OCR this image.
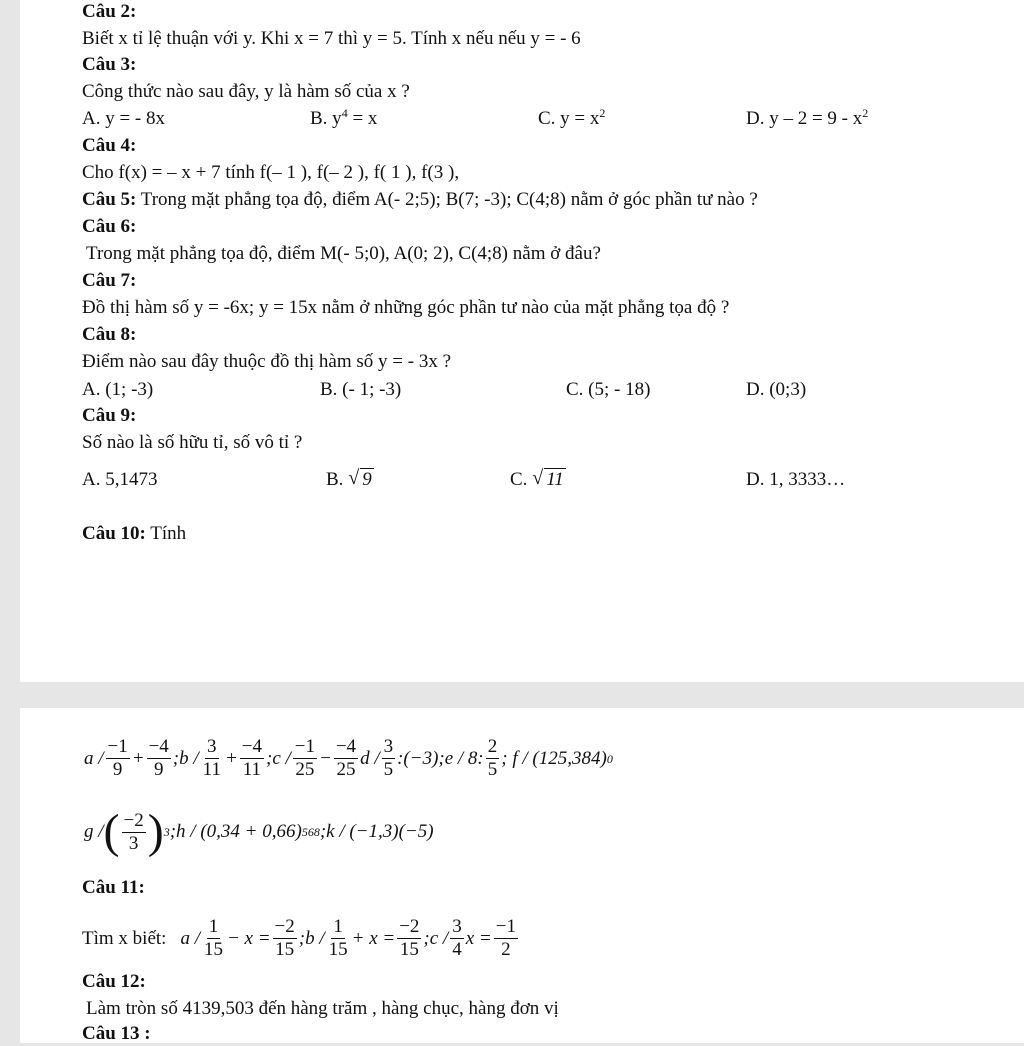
Câu 2:
Biết x tỉ lệ thuận với y. Khi x = 7 thì y = 5. Tính x nếu nếu y = - 6
Câu 3:
Công thức nào sau đây, y là hàm số của x ?
A. y = - 8x	B. $y^4 = x$	C. $y = x^2$	D. $y - 2 = 9 - x^2$
Câu 4:
Cho f(x) = – x + 7 tính f(– 1 ), f(– 2 ), f( 1 ), f(3 ),
Câu 5: Trong mặt phẳng tọa độ, điểm A(- 2;5); B(7; -3); C(4;8) nằm ở góc phần tư nào ?
Câu 6:
Trong mặt phẳng tọa độ, điểm M(- 5;0), A(0; 2), C(4;8) nằm ở đâu?
Câu 7:
Đồ thị hàm số y = -6x; y = 15x nằm ở những góc phần tư nào của mặt phẳng tọa độ ?
Câu 8:
Điểm nào sau đây thuộc đồ thị hàm số y = - 3x ?
A. (1; -3)	B. (- 1; -3)	C. (5; - 18)	D. (0;3)
Câu 9:
Số nào là số hữu tỉ, số vô tỉ ?
A. 5,1473	B. √ 9	C. √ 11	D. 1, 3333…
Câu 10: Tính
$a / \frac{-1}{9} + \frac{-4}{9}$ ;b / $\frac{3}{11} + \frac{-4}{11}$ ;c / $\frac{-1}{25} - \frac{-4}{25}$ d / $\frac{3}{5}$ :(−3);e / 8: $\frac{2}{5}$ ; f / (125,384) 0
g / ( $\frac{-2}{3}$ ) 3 ;h / (0,34 + 0,66) 568 ;k / (−1,3)(−5)
Câu 11:
Tìm x biết: $a / \frac{1}{15} - x = \frac{-2}{15}$ ;b / $\frac{1}{15} + x = \frac{-2}{15}$ ;c / $\frac{3}{4}$ $x = \frac{-1}{2}$
Câu 12:
Làm tròn số 4139,503 đến hàng trăm , hàng chục, hàng đơn vị
Câu 13 :
